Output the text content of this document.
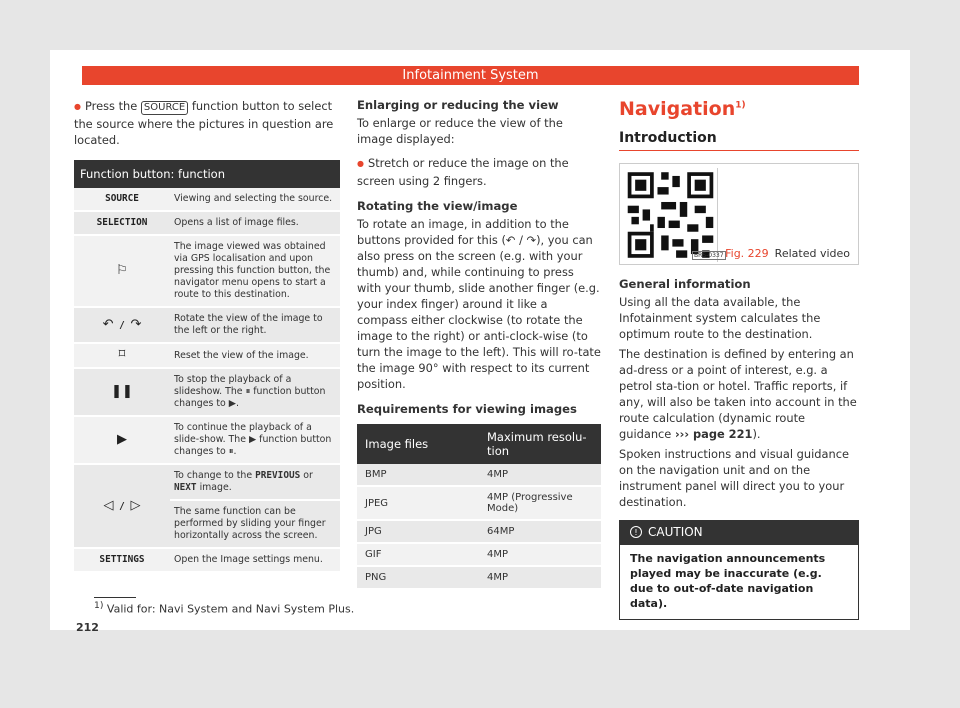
Infotainment System

● Press the SOURCE function button to select the source where the pictures in question are located.

Function button: function	
SOURCE	Viewing and selecting the source.
SELECTION	Opens a list of image files.
⚐	The image viewed was obtained via GPS localisation and upon pressing this function button, the navigator menu opens to start a route to this destination.
↶ / ↷	Rotate the view of the image to the left or the right.
⌑	Reset the view of the image.
❚❚	To stop the playback of a slideshow. The ⏸ function button changes to ▶.
▶	To continue the playback of a slide-show. The ▶ function button changes to ⏸.
◁ / ▷	To change to the PREVIOUS or NEXT image.
	The same function can be performed by sliding your finger horizontally across the screen.
SETTINGS	Open the Image settings menu.
Enlarging or reducing the view

To enlarge or reduce the view of the image displayed:

● Stretch or reduce the image on the screen using 2 fingers.

Rotating the view/image

To rotate an image, in addition to the buttons provided for this (↶ / ↷), you can also press on the screen (e.g. with your thumb) and, while continuing to press with your thumb, slide another finger (e.g. your index finger) around it like a compass either clockwise (to rotate the image to the right) or anti-clock-wise (to turn the image to the left). This will ro-tate the image 90° with respect to its current position.

Requirements for viewing images
Image files	Maximum resolu-tion
BMP	4MP
JPEG	4MP (Progressive Mode)
JPG	64MP
GIF	4MP
PNG	4MP
Navigation$^{1)}$
Introduction
BRS-0337 Fig. 229 Related video
General information

Using all the data available, the Infotainment system calculates the optimum route to the destination.

The destination is defined by entering an ad-dress or a point of interest, e.g. a petrol sta-tion or hotel. Traffic reports, if any, will also be taken into account in the route calculation (dynamic route guidance ››› page 221).

Spoken instructions and visual guidance on the navigation unit and on the instrument panel will direct you to your destination.

! CAUTION
The navigation announcements played may be inaccurate (e.g. due to out-of-date navigation data).
$^{1)}$ Valid for: Navi System and Navi System Plus.
212
